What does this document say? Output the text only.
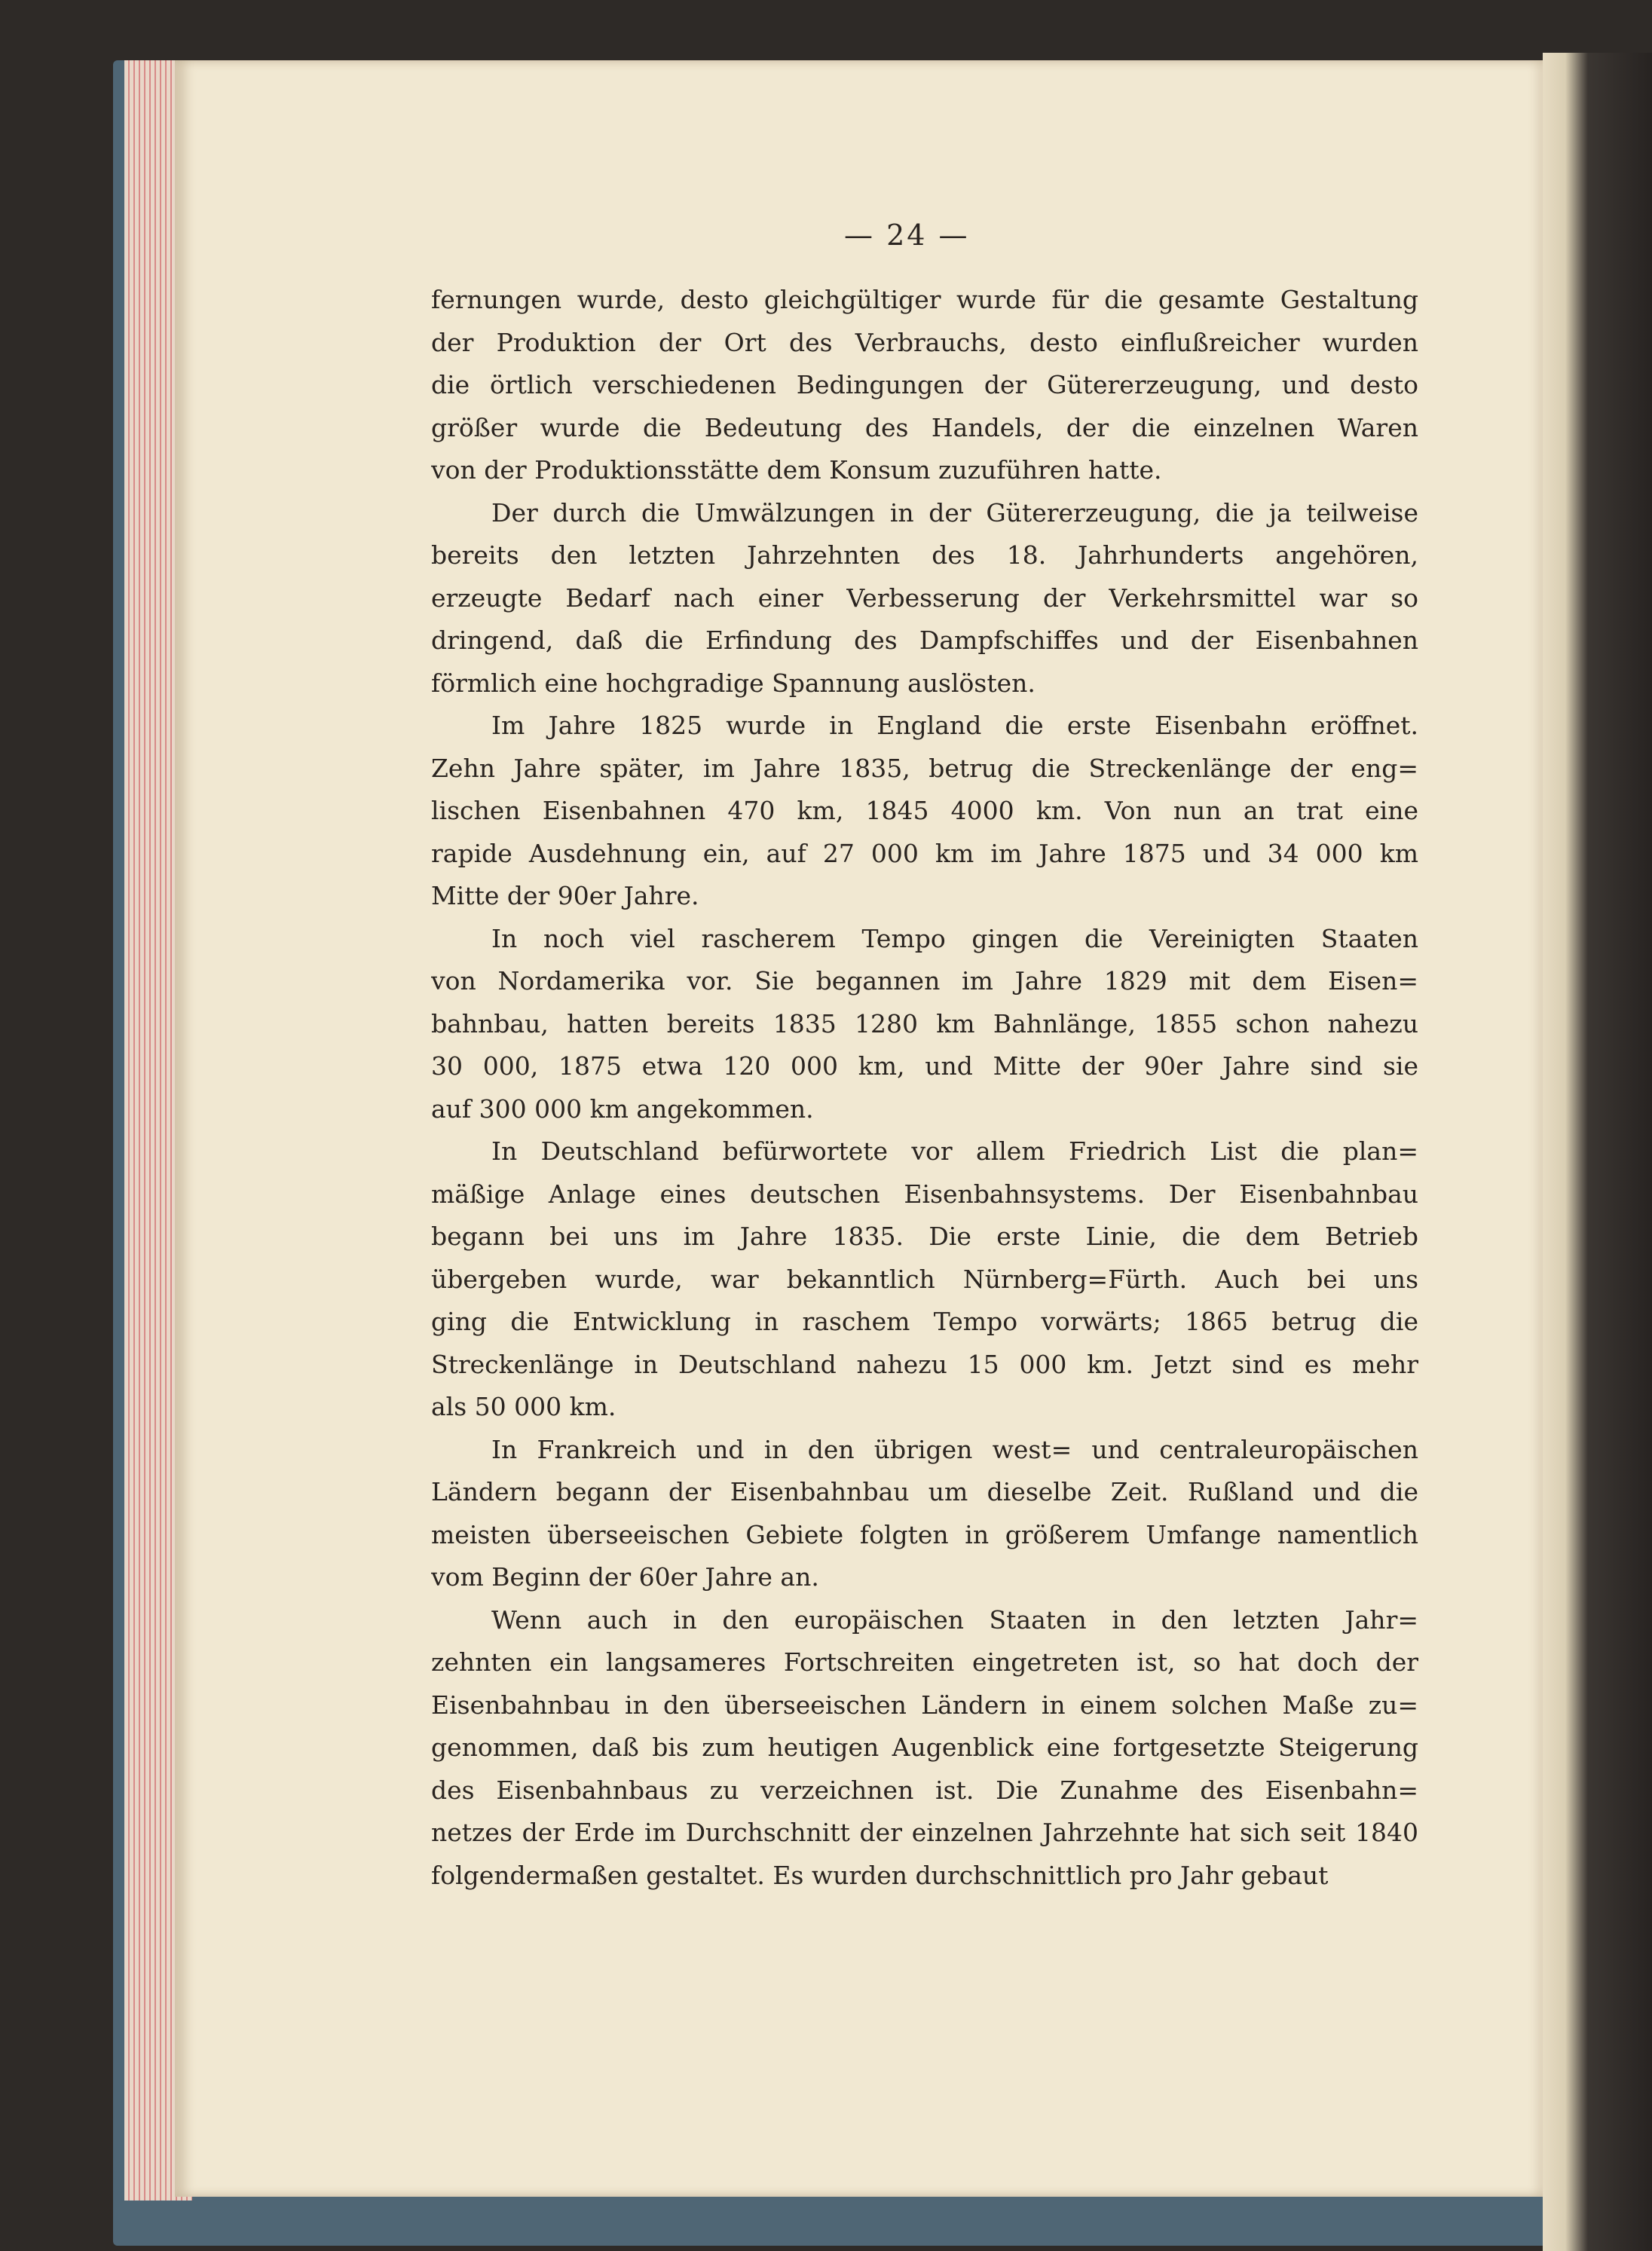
— 24 —
fernungen wurde, desto gleichgültiger wurde für die gesamte Gestaltung
der Produktion der Ort des Verbrauchs, desto einflußreicher wurden
die örtlich verschiedenen Bedingungen der Gütererzeugung, und desto
größer wurde die Bedeutung des Handels, der die einzelnen Waren
von der Produktionsstätte dem Konsum zuzuführen hatte.
Der durch die Umwälzungen in der Gütererzeugung, die ja teilweise
bereits den letzten Jahrzehnten des 18. Jahrhunderts angehören,
erzeugte Bedarf nach einer Verbesserung der Verkehrsmittel war so
dringend, daß die Erfindung des Dampfschiffes und der Eisenbahnen
förmlich eine hochgradige Spannung auslösten.
Im Jahre 1825 wurde in England die erste Eisenbahn eröffnet.
Zehn Jahre später, im Jahre 1835, betrug die Streckenlänge der eng=
lischen Eisenbahnen 470 km, 1845 4000 km. Von nun an trat eine
rapide Ausdehnung ein, auf 27 000 km im Jahre 1875 und 34 000 km
Mitte der 90er Jahre.
In noch viel rascherem Tempo gingen die Vereinigten Staaten
von Nordamerika vor. Sie begannen im Jahre 1829 mit dem Eisen=
bahnbau, hatten bereits 1835 1280 km Bahnlänge, 1855 schon nahezu
30 000, 1875 etwa 120 000 km, und Mitte der 90er Jahre sind sie
auf 300 000 km angekommen.
In Deutschland befürwortete vor allem Friedrich List die plan=
mäßige Anlage eines deutschen Eisenbahnsystems. Der Eisenbahnbau
begann bei uns im Jahre 1835. Die erste Linie, die dem Betrieb
übergeben wurde, war bekanntlich Nürnberg=Fürth. Auch bei uns
ging die Entwicklung in raschem Tempo vorwärts; 1865 betrug die
Streckenlänge in Deutschland nahezu 15 000 km. Jetzt sind es mehr
als 50 000 km.
In Frankreich und in den übrigen west= und centraleuropäischen
Ländern begann der Eisenbahnbau um dieselbe Zeit. Rußland und die
meisten überseeischen Gebiete folgten in größerem Umfange namentlich
vom Beginn der 60er Jahre an.
Wenn auch in den europäischen Staaten in den letzten Jahr=
zehnten ein langsameres Fortschreiten eingetreten ist, so hat doch der
Eisenbahnbau in den überseeischen Ländern in einem solchen Maße zu=
genommen, daß bis zum heutigen Augenblick eine fortgesetzte Steigerung
des Eisenbahnbaus zu verzeichnen ist. Die Zunahme des Eisenbahn=
netzes der Erde im Durchschnitt der einzelnen Jahrzehnte hat sich seit 1840
folgendermaßen gestaltet. Es wurden durchschnittlich pro Jahr gebaut
